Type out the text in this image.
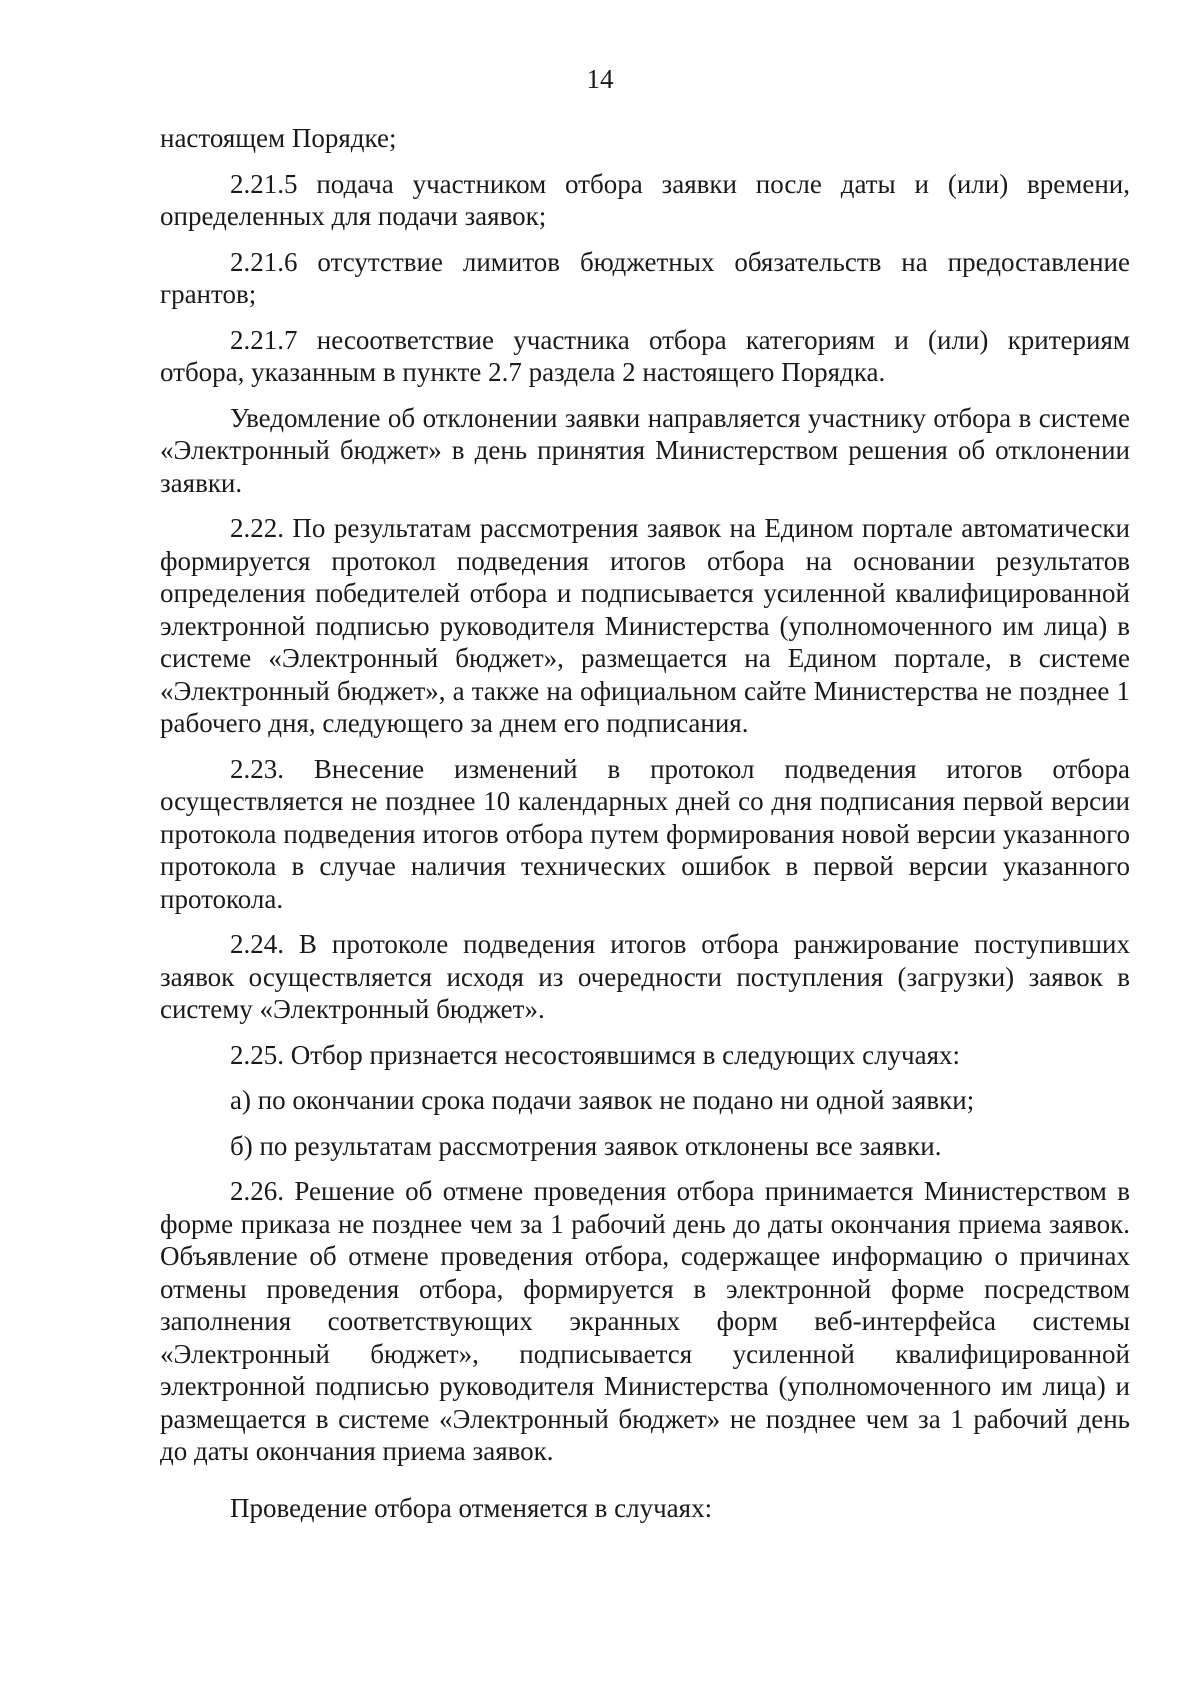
14

настоящем Порядке;

2.21.5 подача участником отбора заявки после даты и (или) времени, определенных для подачи заявок;

2.21.6 отсутствие лимитов бюджетных обязательств на предоставление грантов;

2.21.7 несоответствие участника отбора категориям и (или) критериям отбора, указанным в пункте 2.7 раздела 2 настоящего Порядка.

Уведомление об отклонении заявки направляется участнику отбора в системе «Электронный бюджет» в день принятия Министерством решения об отклонении заявки.

2.22. По результатам рассмотрения заявок на Едином портале автоматически формируется протокол подведения итогов отбора на основании результатов определения победителей отбора и подписывается усиленной квалифицированной электронной подписью руководителя Министерства (уполномоченного им лица) в системе «Электронный бюджет», размещается на Едином портале, в системе «Электронный бюджет», а также на официальном сайте Министерства не позднее 1 рабочего дня, следующего за днем его подписания.

2.23. Внесение изменений в протокол подведения итогов отбора осуществляется не позднее 10 календарных дней со дня подписания первой версии протокола подведения итогов отбора путем формирования новой версии указанного протокола в случае наличия технических ошибок в первой версии указанного протокола.

2.24. В протоколе подведения итогов отбора ранжирование поступивших заявок осуществляется исходя из очередности поступления (загрузки) заявок в систему «Электронный бюджет».

2.25. Отбор признается несостоявшимся в следующих случаях:

а) по окончании срока подачи заявок не подано ни одной заявки;

б) по результатам рассмотрения заявок отклонены все заявки.

2.26. Решение об отмене проведения отбора принимается Министерством в форме приказа не позднее чем за 1 рабочий день до даты окончания приема заявок. Объявление об отмене проведения отбора, содержащее информацию о причинах отмены проведения отбора, формируется в электронной форме посредством заполнения соответствующих экранных форм веб-интерфейса системы «Электронный бюджет», подписывается усиленной квалифицированной электронной подписью руководителя Министерства (уполномоченного им лица) и размещается в системе «Электронный бюджет» не позднее чем за 1 рабочий день до даты окончания приема заявок.

Проведение отбора отменяется в случаях:
